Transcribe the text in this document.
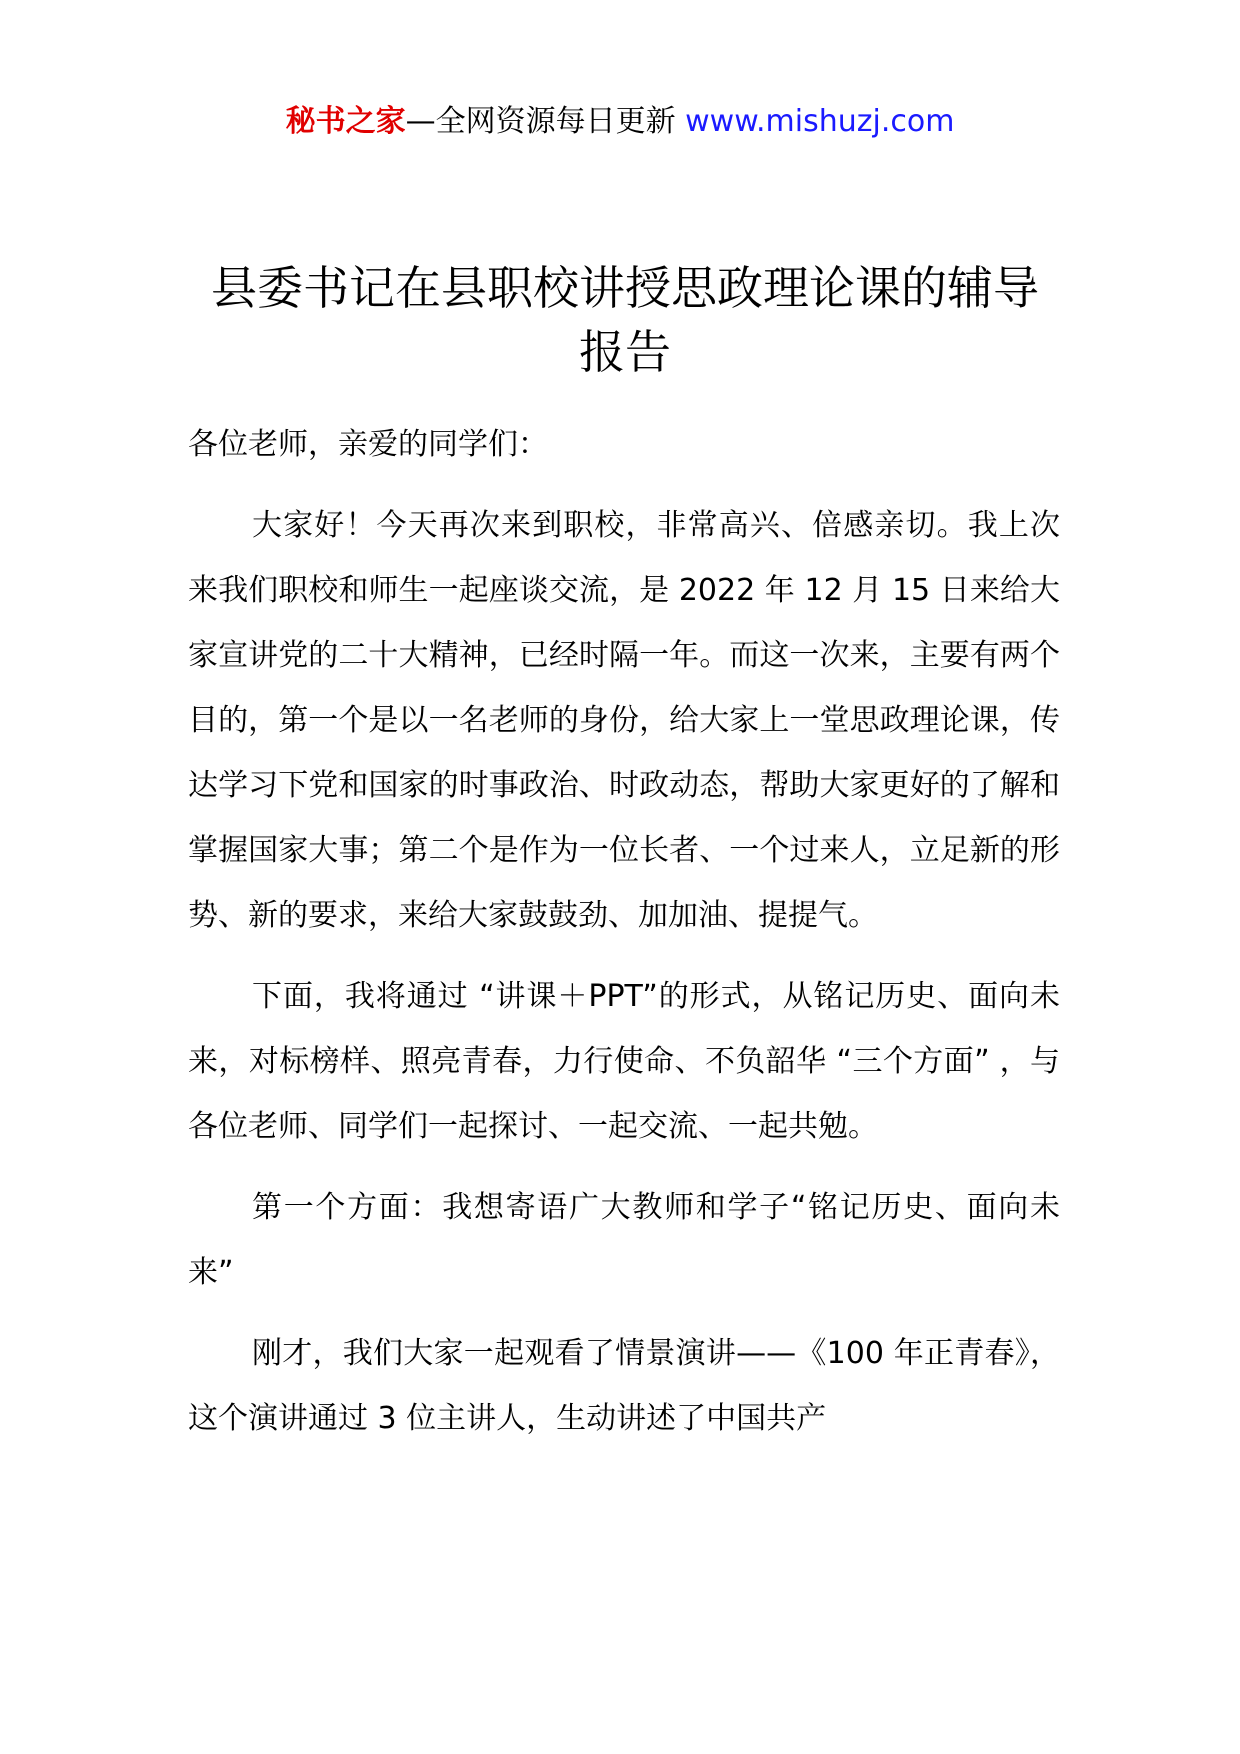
秘书之家—全网资源每日更新 www.mishuzj.com
县委书记在县职校讲授思政理论课的辅导报告

各位老师，亲爱的同学们：

大家好！今天再次来到职校，非常高兴、倍感亲切。我上次来我们职校和师生一起座谈交流，是 2022 年 12 月 15 日来给大家宣讲党的二十大精神，已经时隔一年。而这一次来，主要有两个目的，第一个是以一名老师的身份，给大家上一堂思政理论课，传达学习下党和国家的时事政治、时政动态，帮助大家更好的了解和掌握国家大事；第二个是作为一位长者、一个过来人，立足新的形势、新的要求，来给大家鼓鼓劲、加加油、提提气。

下面，我将通过 “讲课＋PPT”的形式，从铭记历史、面向未来，对标榜样、照亮青春，力行使命、不负韶华 “三个方面” ，与各位老师、同学们一起探讨、一起交流、一起共勉。

第一个方面：我想寄语广大教师和学子“铭记历史、面向未来”

刚才，我们大家一起观看了情景演讲——《100 年正青春》，这个演讲通过 3 位主讲人，生动讲述了中国共产
